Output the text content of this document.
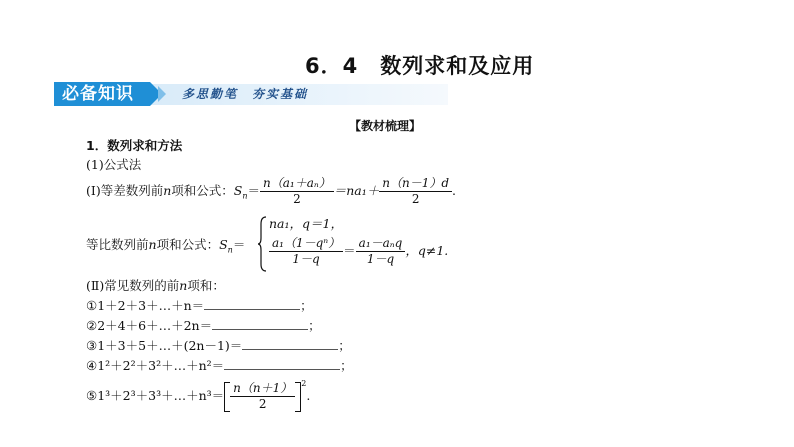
6．4　数列求和及应用
必备知识	多思勤笔　夯实基础
【教材梳理】
1．数列求和方法
(1)公式法
(Ⅰ)等差数列前n项和公式：$S_n= \frac{\text{n（a₁＋aₙ）}}{2} =na_1+ \frac{n(n-1)d}{2}$ .
等比数列前n项和公式：$S_n=$
na₁，q＝1，
$\frac{\text{a₁（1－qⁿ）}}{1-q} = \frac{\text{a₁－aₙq}}{1-q}$ ，q≠1.
(Ⅱ)常见数列的前n项和：
①1＋2＋3＋…＋n＝	；
②2＋4＋6＋…＋2n＝	；
③1＋3＋5＋…＋(2n－1)＝	；
④1²＋2²＋3²＋…＋n²＝	；
⑤1³＋2³＋3³＋…＋n³＝ $\frac{n(n+1)}{2} ^2$.
